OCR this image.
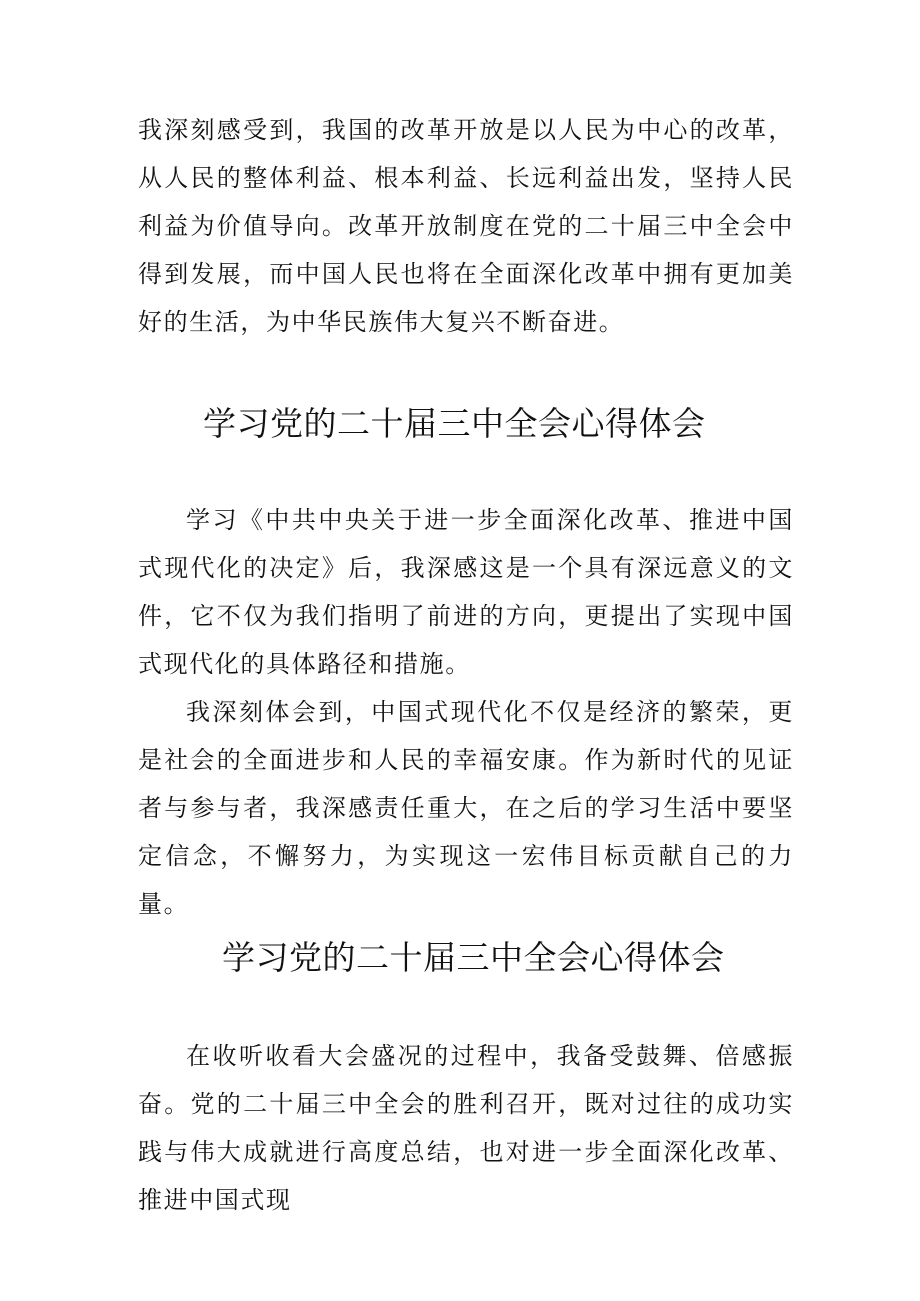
我深刻感受到，我国的改革开放是以人民为中心的改革，从人民的整体利益、根本利益、长远利益出发，坚持人民利益为价值导向。改革开放制度在党的二十届三中全会中得到发展，而中国人民也将在全面深化改革中拥有更加美好的生活，为中华民族伟大复兴不断奋进。

学习党的二十届三中全会心得体会

学习《中共中央关于进一步全面深化改革、推进中国式现代化的决定》后，我深感这是一个具有深远意义的文件，它不仅为我们指明了前进的方向，更提出了实现中国式现代化的具体路径和措施。

我深刻体会到，中国式现代化不仅是经济的繁荣，更是社会的全面进步和人民的幸福安康。作为新时代的见证者与参与者，我深感责任重大，在之后的学习生活中要坚定信念，不懈努力，为实现这一宏伟目标贡献自己的力量。

学习党的二十届三中全会心得体会

在收听收看大会盛况的过程中，我备受鼓舞、倍感振奋。党的二十届三中全会的胜利召开，既对过往的成功实践与伟大成就进行高度总结，也对进一步全面深化改革、推进中国式现
